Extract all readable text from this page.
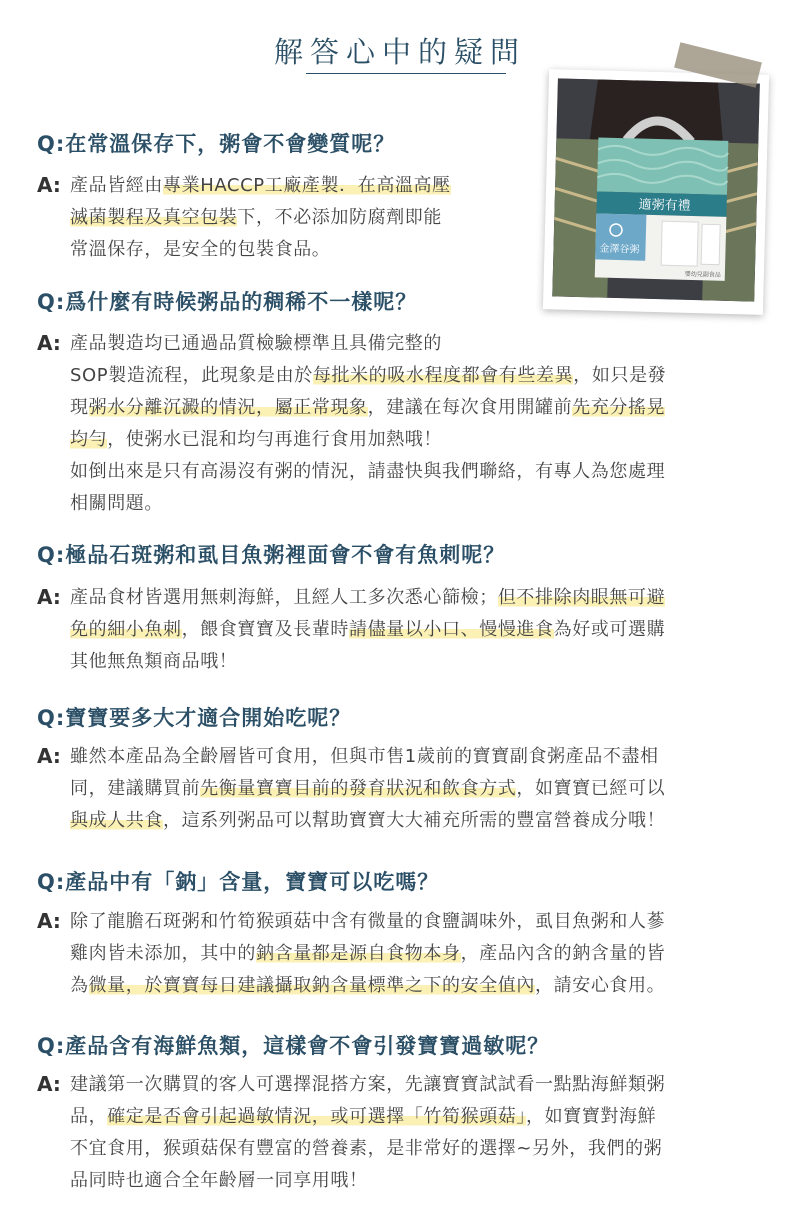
解答心中的疑問
適粥有禮
金澤谷粥
嬰幼兒副食品
Q:在常溫保存下，粥會不會變質呢？
A: 產品皆經由專業HACCP工廠產製．在高溫高壓
滅菌製程及真空包裝下，不必添加防腐劑即能
常溫保存，是安全的包裝食品。
Q:爲什麼有時候粥品的稠稀不一樣呢？
A: 產品製造均已通過品質檢驗標準且具備完整的
SOP製造流程，此現象是由於每批米的吸水程度都會有些差異，如只是發
現粥水分離沉澱的情況，屬正常現象，建議在每次食用開罐前先充分搖晃
均勻，使粥水已混和均勻再進行食用加熱哦！
如倒出來是只有高湯沒有粥的情況，請盡快與我們聯絡，有專人為您處理
相關問題。
Q:極品石斑粥和虱目魚粥裡面會不會有魚刺呢？
A: 產品食材皆選用無刺海鮮，且經人工多次悉心篩檢；但不排除肉眼無可避
免的細小魚刺，餵食寶寶及長輩時請儘量以小口、慢慢進食為好或可選購
其他無魚類商品哦！
Q:寶寶要多大才適合開始吃呢？
A: 雖然本產品為全齡層皆可食用，但與市售1歲前的寶寶副食粥產品不盡相
同，建議購買前先衡量寶寶目前的發育狀況和飲食方式，如寶寶已經可以
與成人共食，這系列粥品可以幫助寶寶大大補充所需的豐富營養成分哦！
Q:產品中有「鈉」含量，寶寶可以吃嗎？
A: 除了龍膽石斑粥和竹筍猴頭菇中含有微量的食鹽調味外，虱目魚粥和人蔘
雞肉皆未添加，其中的鈉含量都是源自食物本身，產品內含的鈉含量的皆
為微量，於寶寶每日建議攝取鈉含量標準之下的安全值內，請安心食用。
Q:產品含有海鮮魚類，這樣會不會引發寶寶過敏呢？
A: 建議第一次購買的客人可選擇混搭方案，先讓寶寶試試看一點點海鮮類粥
品，確定是否會引起過敏情況，或可選擇「竹筍猴頭菇」，如寶寶對海鮮
不宜食用，猴頭菇保有豐富的營養素，是非常好的選擇~另外，我們的粥
品同時也適合全年齡層一同享用哦！
